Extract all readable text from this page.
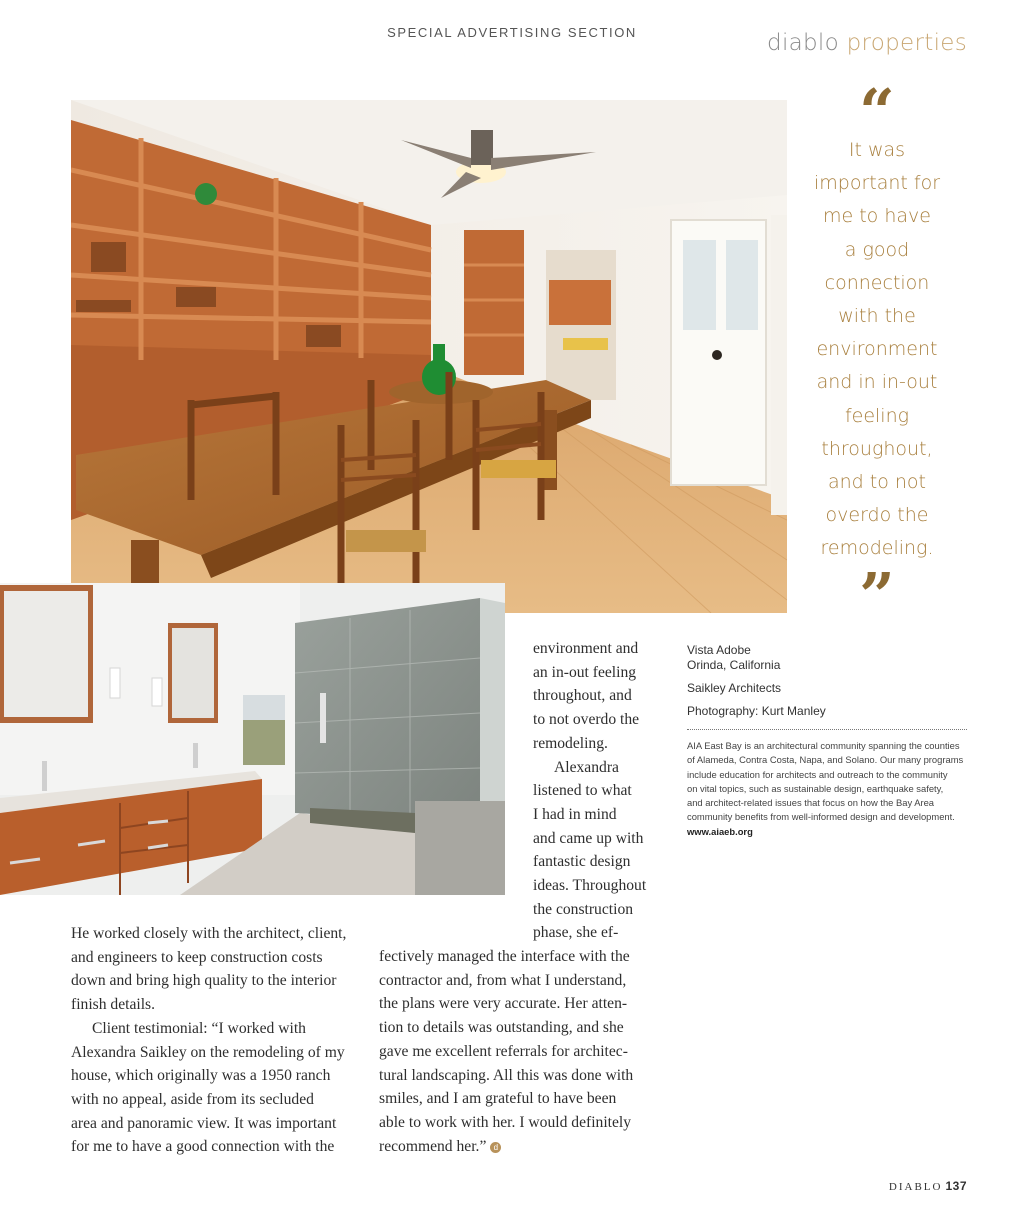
SPECIAL ADVERTISING SECTION	diablo properties
“
It was
important for
me to have
a good
connection
with the
environment
and in in-out
feeling
throughout,
and to not
overdo the
remodeling.
”
Vista Adobe
Orinda, California
Saikley Architects
Photography: Kurt Manley
AIA East Bay is an architectural community spanning the counties
of Alameda, Contra Costa, Napa, and Solano. Our many programs
include education for architects and outreach to the community
on vital topics, such as sustainable design, earthquake safety,
and architect-related issues that focus on how the Bay Area
community benefits from well-informed design and development.
www.aiaeb.org
environment and
an in-out feeling
throughout, and
to not overdo the
remodeling.
Alexandra
listened to what
I had in mind
and came up with
fantastic design
ideas. Throughout
the construction
phase, she ef-
He worked closely with the architect, client,
and engineers to keep construction costs
down and bring high quality to the interior
finish details.
Client testimonial: “I worked with
Alexandra Saikley on the remodeling of my
house, which originally was a 1950 ranch
with no appeal, aside from its secluded
area and panoramic view. It was important
for me to have a good connection with the
fectively managed the interface with the
contractor and, from what I understand,
the plans were very accurate. Her atten-
tion to details was outstanding, and she
gave me excellent referrals for architec-
tural landscaping. All this was done with
smiles, and I am grateful to have been
able to work with her. I would definitely
recommend her.” d
DIABLO 137
